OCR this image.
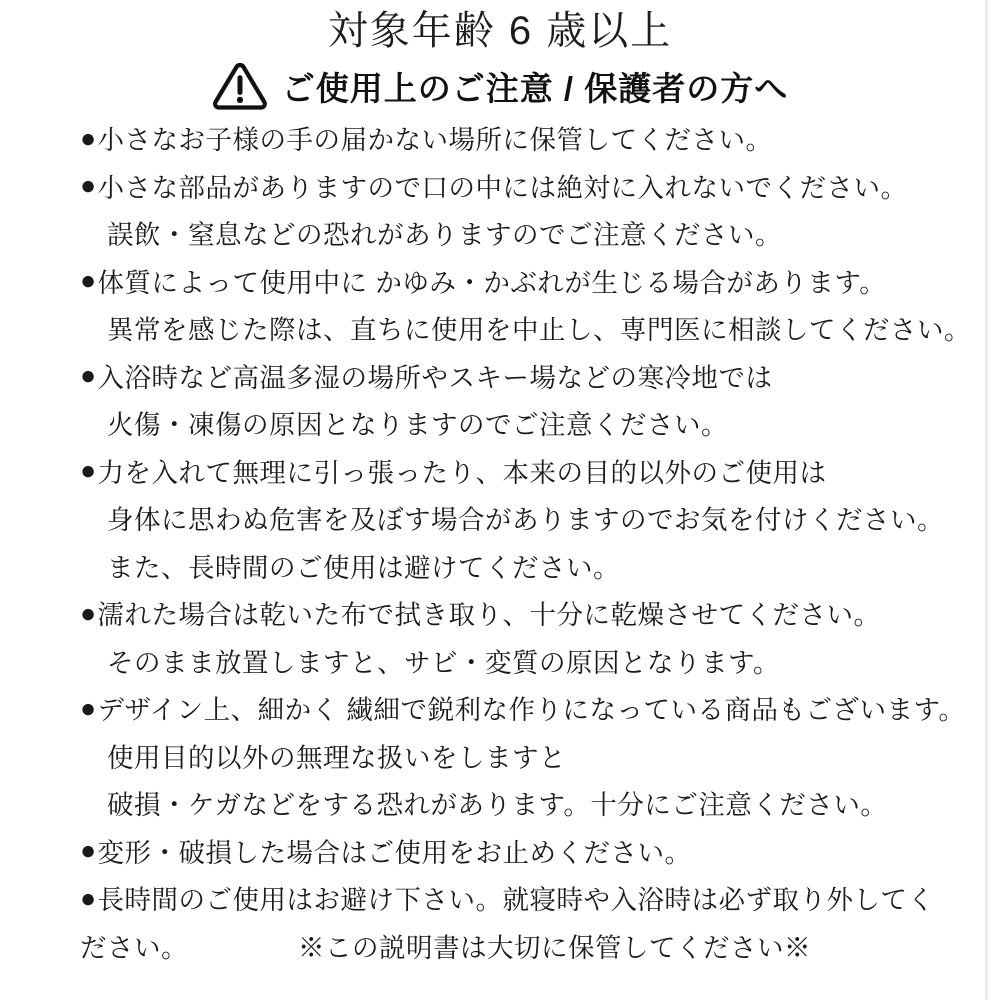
対象年齢 6 歳以上
ご使用上のご注意 / 保護者の方へ
● 小さなお子様の手の届かない場所に保管してください。
● 小さな部品がありますので口の中には絶対に入れないでください。
誤飲・窒息などの恐れがありますのでご注意ください。
● 体質によって使用中に かゆみ・かぶれが生じる場合があります。
異常を感じた際は、直ちに使用を中止し、専門医に相談してください。
● 入浴時など高温多湿の場所やスキー場などの寒冷地では
火傷・凍傷の原因となりますのでご注意ください。
● 力を入れて無理に引っ張ったり、本来の目的以外のご使用は
身体に思わぬ危害を及ぼす場合がありますのでお気を付けください。
また、長時間のご使用は避けてください。
● 濡れた場合は乾いた布で拭き取り、十分に乾燥させてください。
そのまま放置しますと、サビ・変質の原因となります。
● デザイン上、細かく 繊細で鋭利な作りになっている商品もございます。
使用目的以外の無理な扱いをしますと
破損・ケガなどをする恐れがあります。十分にご注意ください。
● 変形・破損した場合はご使用をお止めください。
● 長時間のご使用はお避け下さい。就寝時や入浴時は必ず取り外してく
ださい。	※この説明書は大切に保管してください※
